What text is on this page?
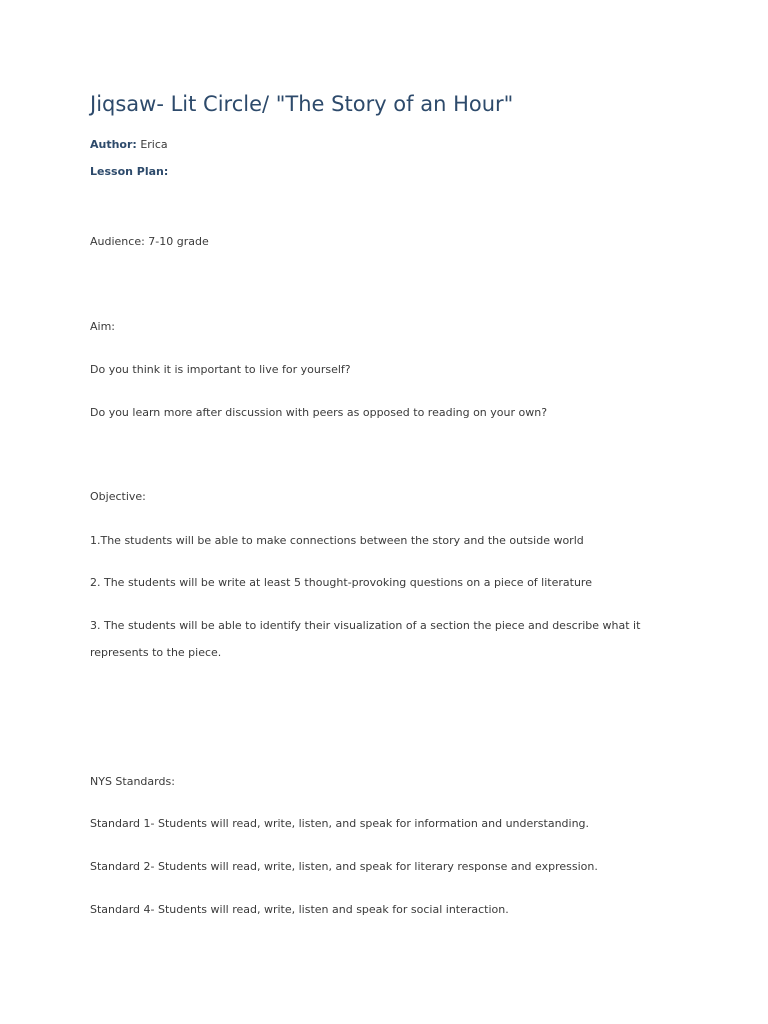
Jiqsaw- Lit Circle/ "The Story of an Hour"
Author: Erica
Lesson Plan:
Audience: 7-10 grade
Aim:
Do you think it is important to live for yourself?
Do you learn more after discussion with peers as opposed to reading on your own?
Objective:
1.The students will be able to make connections between the story and the outside world
2. The students will be write at least 5 thought-provoking questions on a piece of literature
3. The students will be able to identify their visualization of a section the piece and describe what it represents to the piece.
NYS Standards:
Standard 1- Students will read, write, listen, and speak for information and understanding.
Standard 2- Students will read, write, listen, and speak for literary response and expression.
Standard 4- Students will read, write, listen and speak for social interaction.
